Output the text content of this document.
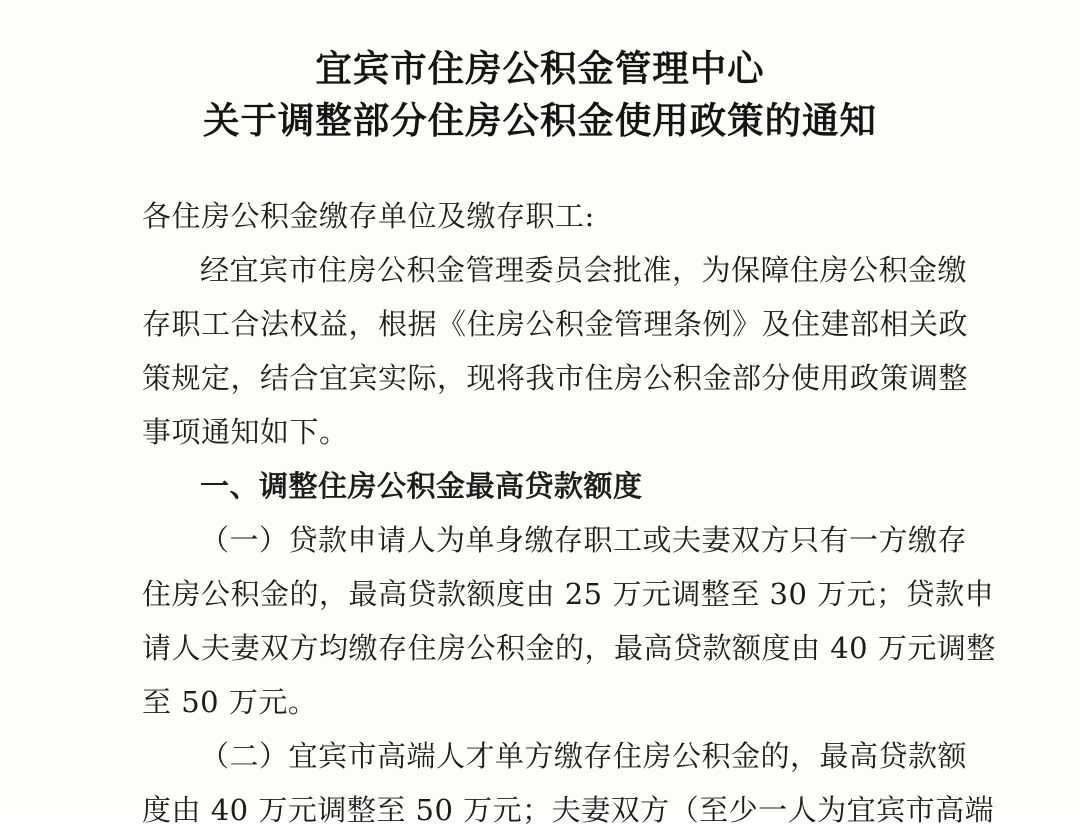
宜宾市住房公积金管理中心
关于调整部分住房公积金使用政策的通知
各住房公积金缴存单位及缴存职工:
经宜宾市住房公积金管理委员会批准，为保障住房公积金缴
存职工合法权益，根据《住房公积金管理条例》及住建部相关政
策规定，结合宜宾实际，现将我市住房公积金部分使用政策调整
事项通知如下。
一、调整住房公积金最高贷款额度
（一）贷款申请人为单身缴存职工或夫妻双方只有一方缴存
住房公积金的，最高贷款额度由 25 万元调整至 30 万元；贷款申
请人夫妻双方均缴存住房公积金的，最高贷款额度由 40 万元调整
至 50 万元。
（二）宜宾市高端人才单方缴存住房公积金的，最高贷款额
度由 40 万元调整至 50 万元；夫妻双方（至少一人为宜宾市高端
